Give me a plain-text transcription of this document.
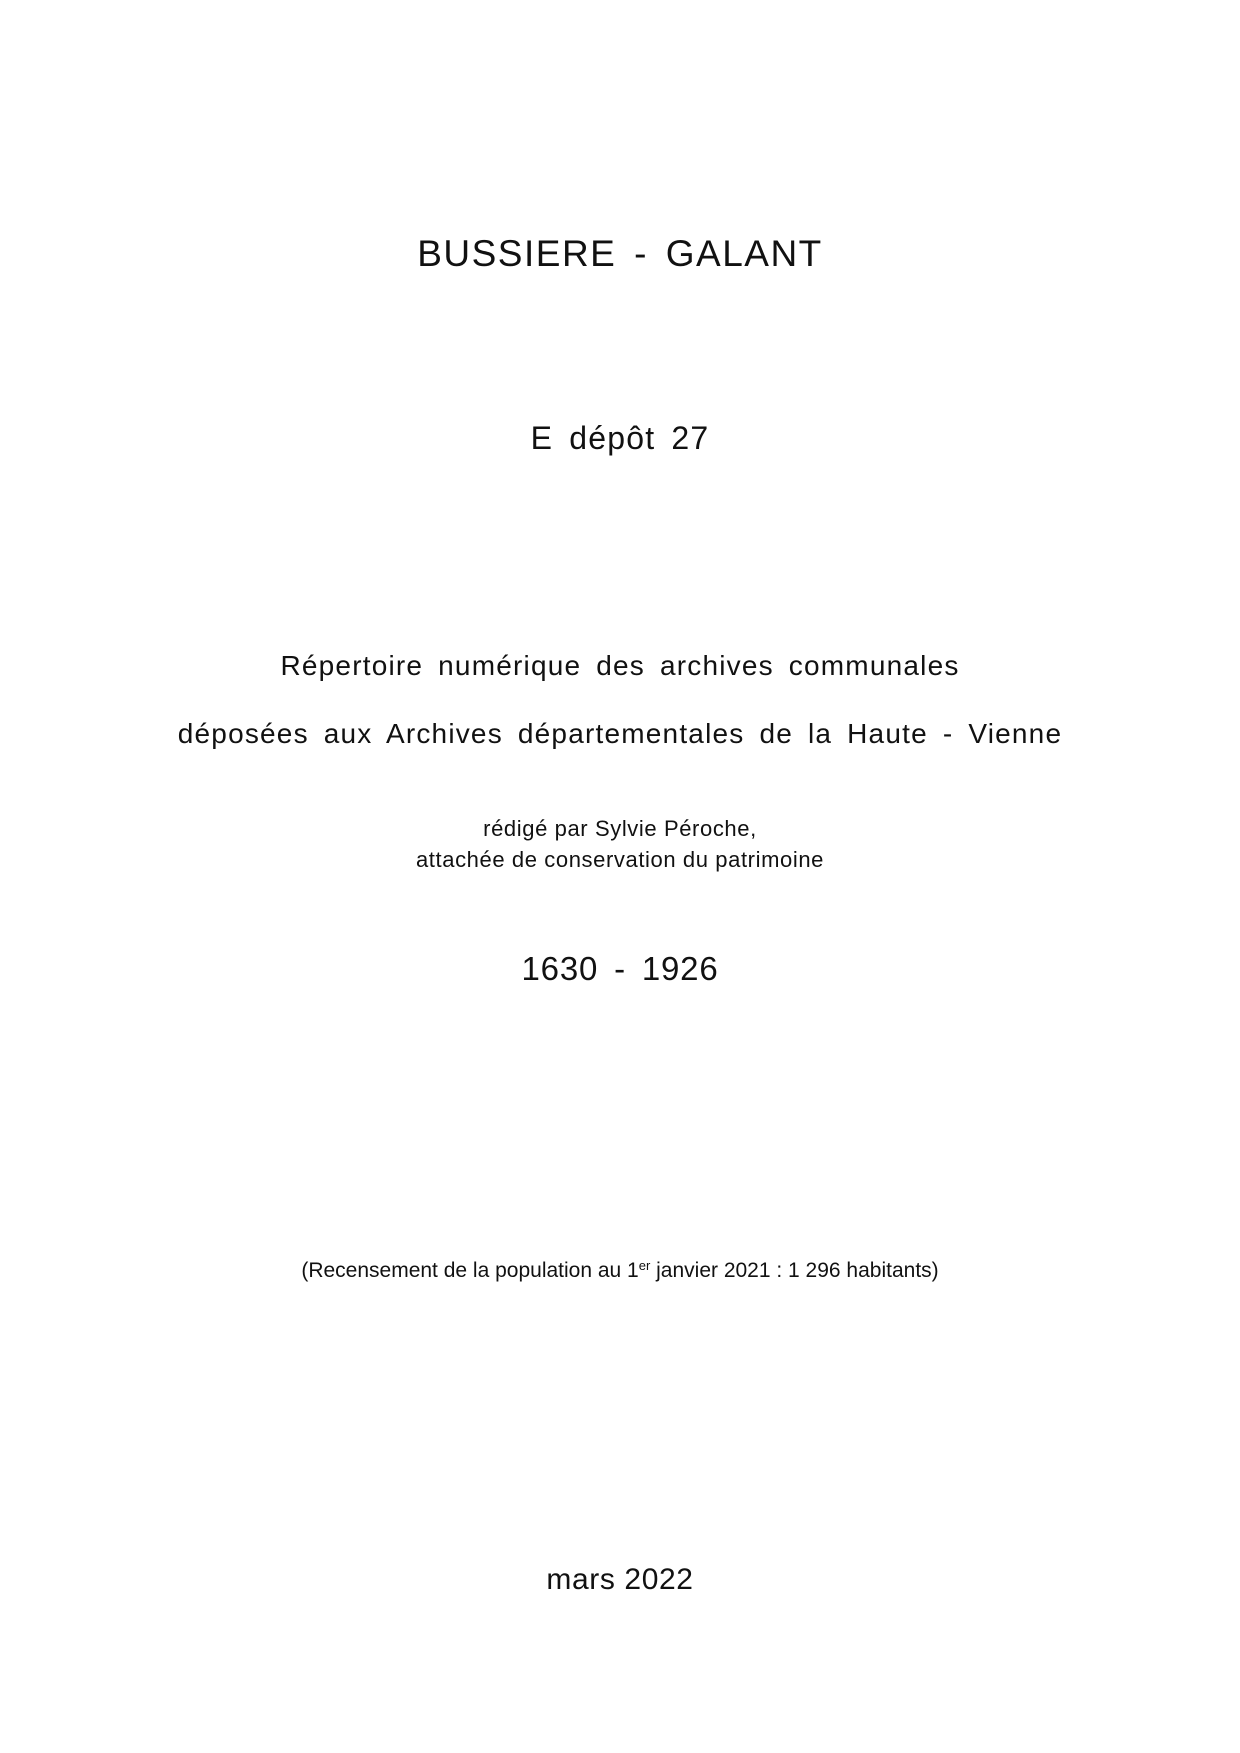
BUSSIERE - GALANT
E dépôt 27
Répertoire numérique des archives communales
déposées aux Archives départementales de la Haute - Vienne
rédigé par Sylvie Péroche,
attachée de conservation du patrimoine
1630 - 1926
(Recensement de la population au 1er janvier 2021 : 1 296 habitants)
mars 2022
